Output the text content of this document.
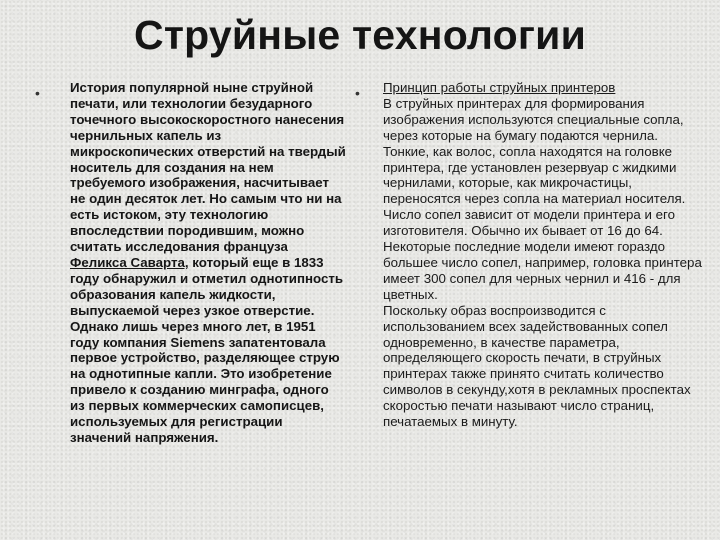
Струйные технологии
• История популярной ныне струйной печати, или технологии безударного точечного высокоскоростного нанесения чернильных капель из микроскопических отверстий на твердый носитель для создания на нем требуемого изображения, насчитывает не один десяток лет. Но самым что ни на есть истоком, эту технологию впоследствии породившим, можно считать исследования француза Феликса Саварта, который еще в 1833 году обнаружил и отметил однотипность образования капель жидкости, выпускаемой через узкое отверстие. Однако лишь через много лет, в 1951 году компания Siemens запатентовала первое устройство, разделяющее струю на однотипные капли. Это изобретение привело к созданию минграфа, одного из первых коммерческих самописцев, используемых для регистрации значений напряжения.
• Принцип работы струйных принтеров

В струйных принтерах для формирования изображения используются специальные сопла, через которые на бумагу подаются чернила. Тонкие, как волос, сопла находятся на головке принтера, где установлен резервуар с жидкими чернилами, которые, как микрочастицы, переносятся через сопла на материал носителя. Число сопел зависит от модели принтера и его изготовителя. Обычно их бывает от 16 до 64. Некоторые последние модели имеют гораздо большее число сопел, например, головка принтера имеет 300 сопел для черных чернил и 416 - для цветных.

Поскольку образ воспроизводится с использованием всех задействованных сопел одновременно, в качестве параметра, определяющего скорость печати, в струйных принтерах также принято считать количество символов в секунду,хотя в рекламных проспектах скоростью печати называют число страниц, печатаемых в минуту.
